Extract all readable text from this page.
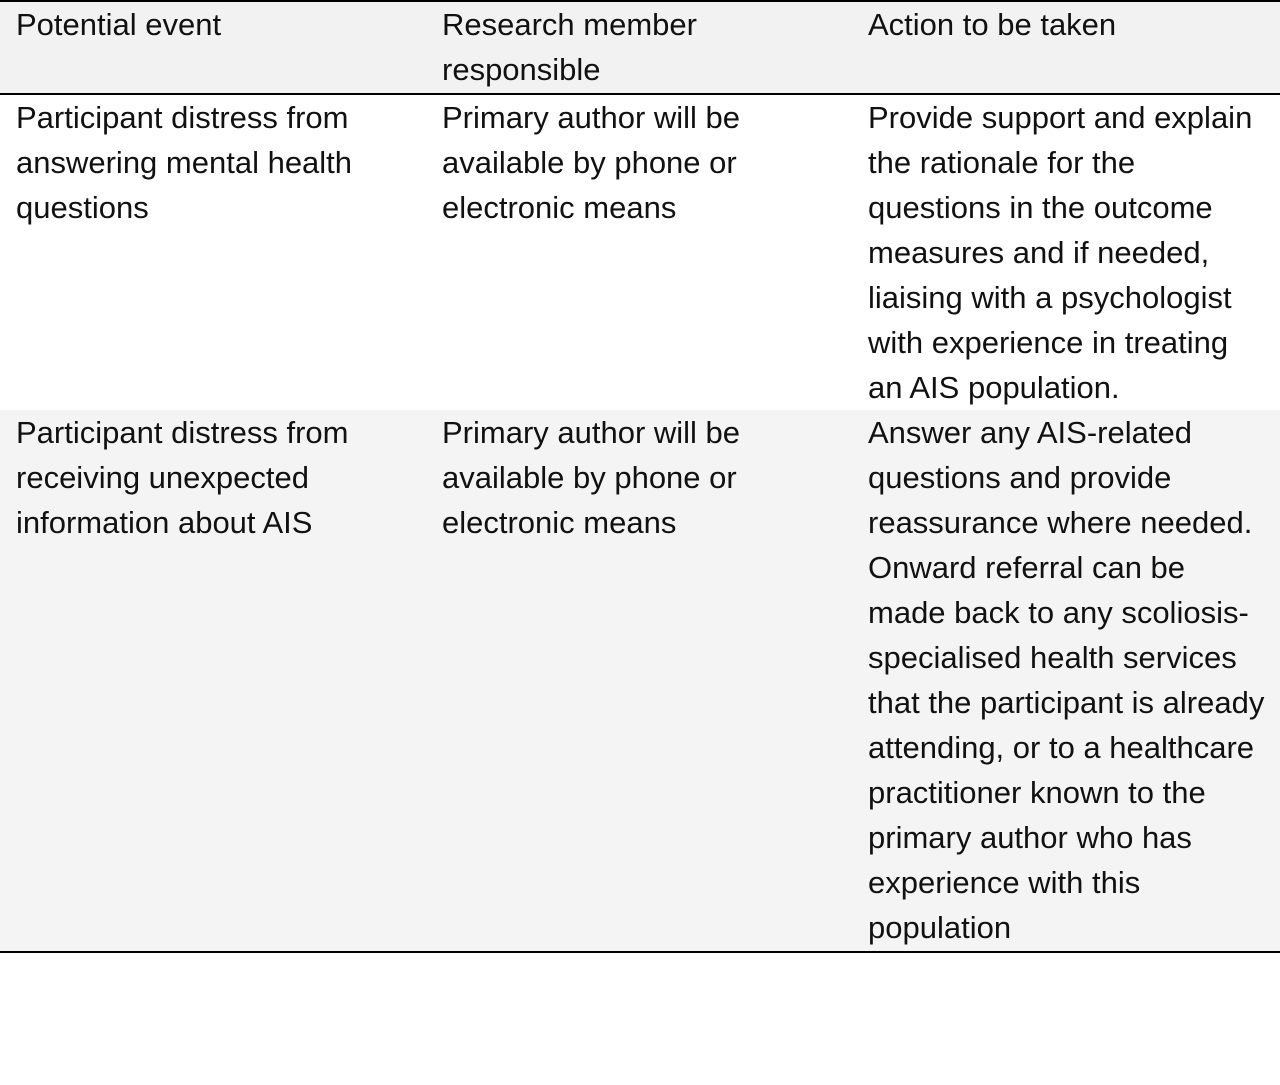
Potential event	Research member responsible	Action to be taken
Participant distress from answering mental health questions	Primary author will be available by phone or electronic means	Provide support and explain the rationale for the questions in the outcome measures and if needed, liaising with a psychologist with experience in treating an AIS population.
Participant distress from receiving unexpected information about AIS	Primary author will be available by phone or electronic means	Answer any AIS-related questions and provide reassurance where needed. Onward referral can be made back to any scoliosis-specialised health services that the participant is already attending, or to a healthcare practitioner known to the primary author who has experience with this population
